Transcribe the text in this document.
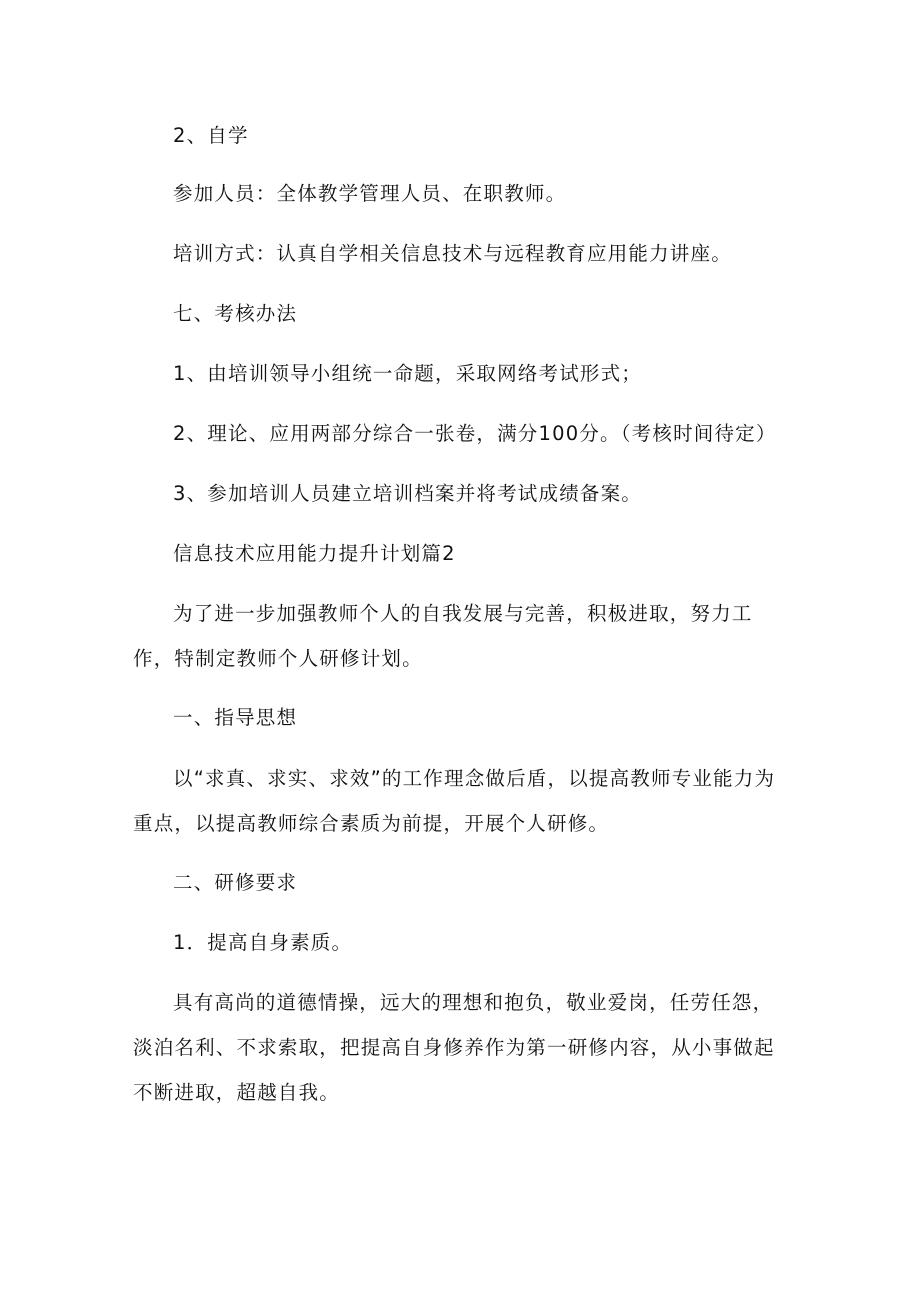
2、自学

参加人员：全体教学管理人员、在职教师。

培训方式：认真自学相关信息技术与远程教育应用能力讲座。

七、考核办法

1、由培训领导小组统一命题，采取网络考试形式；

2、理论、应用两部分综合一张卷，满分100分。（考核时间待定）

3、参加培训人员建立培训档案并将考试成绩备案。

信息技术应用能力提升计划篇2

为了进一步加强教师个人的自我发展与完善，积极进取，努力工作，特制定教师个人研修计划。

一、指导思想

以“求真、求实、求效”的工作理念做后盾，以提高教师专业能力为重点，以提高教师综合素质为前提，开展个人研修。

二、研修要求

1．提高自身素质。

具有高尚的道德情操，远大的理想和抱负，敬业爱岗，任劳任怨，淡泊名利、不求索取，把提高自身修养作为第一研修内容，从小事做起不断进取，超越自我。
